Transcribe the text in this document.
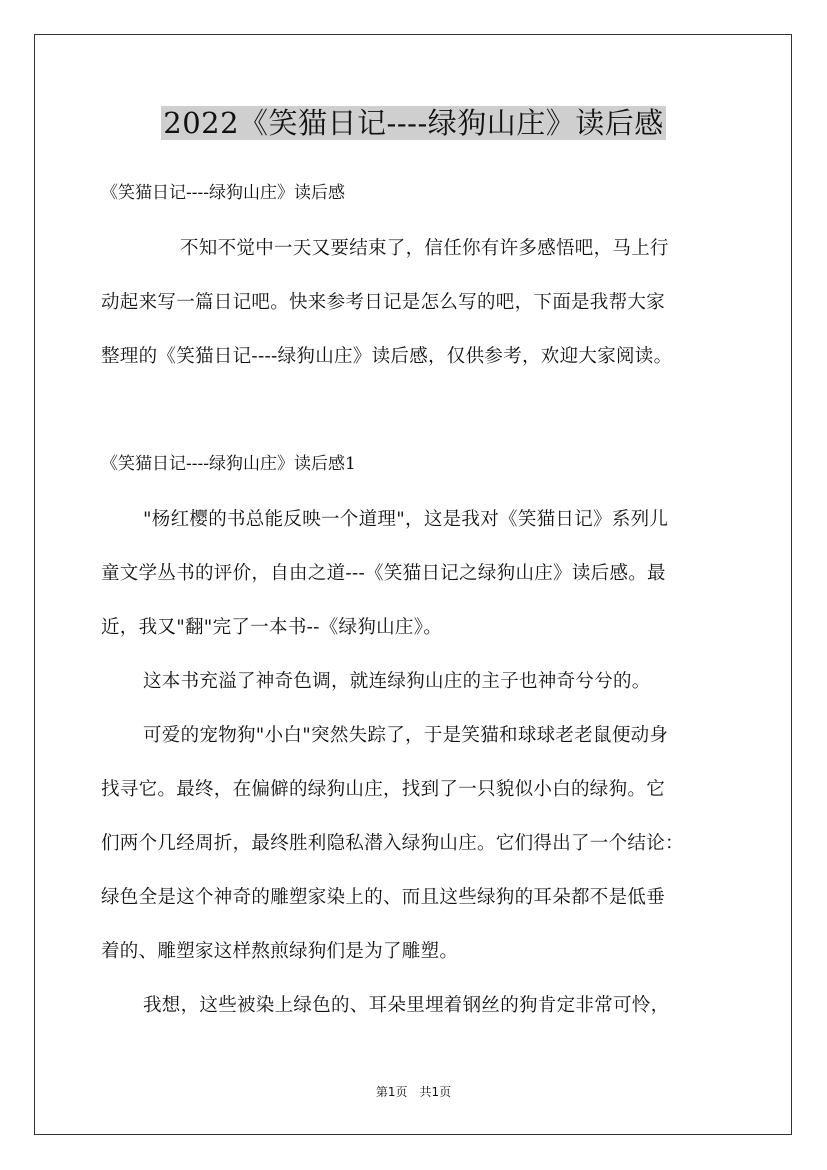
2022《笑猫日记----绿狗山庄》读后感
《笑猫日记----绿狗山庄》读后感
不知不觉中一天又要结束了，信任你有许多感悟吧，马上行
动起来写一篇日记吧。快来参考日记是怎么写的吧，下面是我帮大家
整理的《笑猫日记----绿狗山庄》读后感，仅供参考，欢迎大家阅读。
《笑猫日记----绿狗山庄》读后感1
"杨红樱的书总能反映一个道理"，这是我对《笑猫日记》系列儿
童文学丛书的评价，自由之道---《笑猫日记之绿狗山庄》读后感。最
近，我又"翻"完了一本书--《绿狗山庄》。
这本书充溢了神奇色调，就连绿狗山庄的主子也神奇兮兮的。
可爱的宠物狗"小白"突然失踪了，于是笑猫和球球老老鼠便动身
找寻它。最终，在偏僻的绿狗山庄，找到了一只貌似小白的绿狗。它
们两个几经周折，最终胜利隐私潜入绿狗山庄。它们得出了一个结论：
绿色全是这个神奇的雕塑家染上的、而且这些绿狗的耳朵都不是低垂
着的、雕塑家这样熬煎绿狗们是为了雕塑。
我想，这些被染上绿色的、耳朵里埋着钢丝的狗肯定非常可怜，
第1页 共1页
